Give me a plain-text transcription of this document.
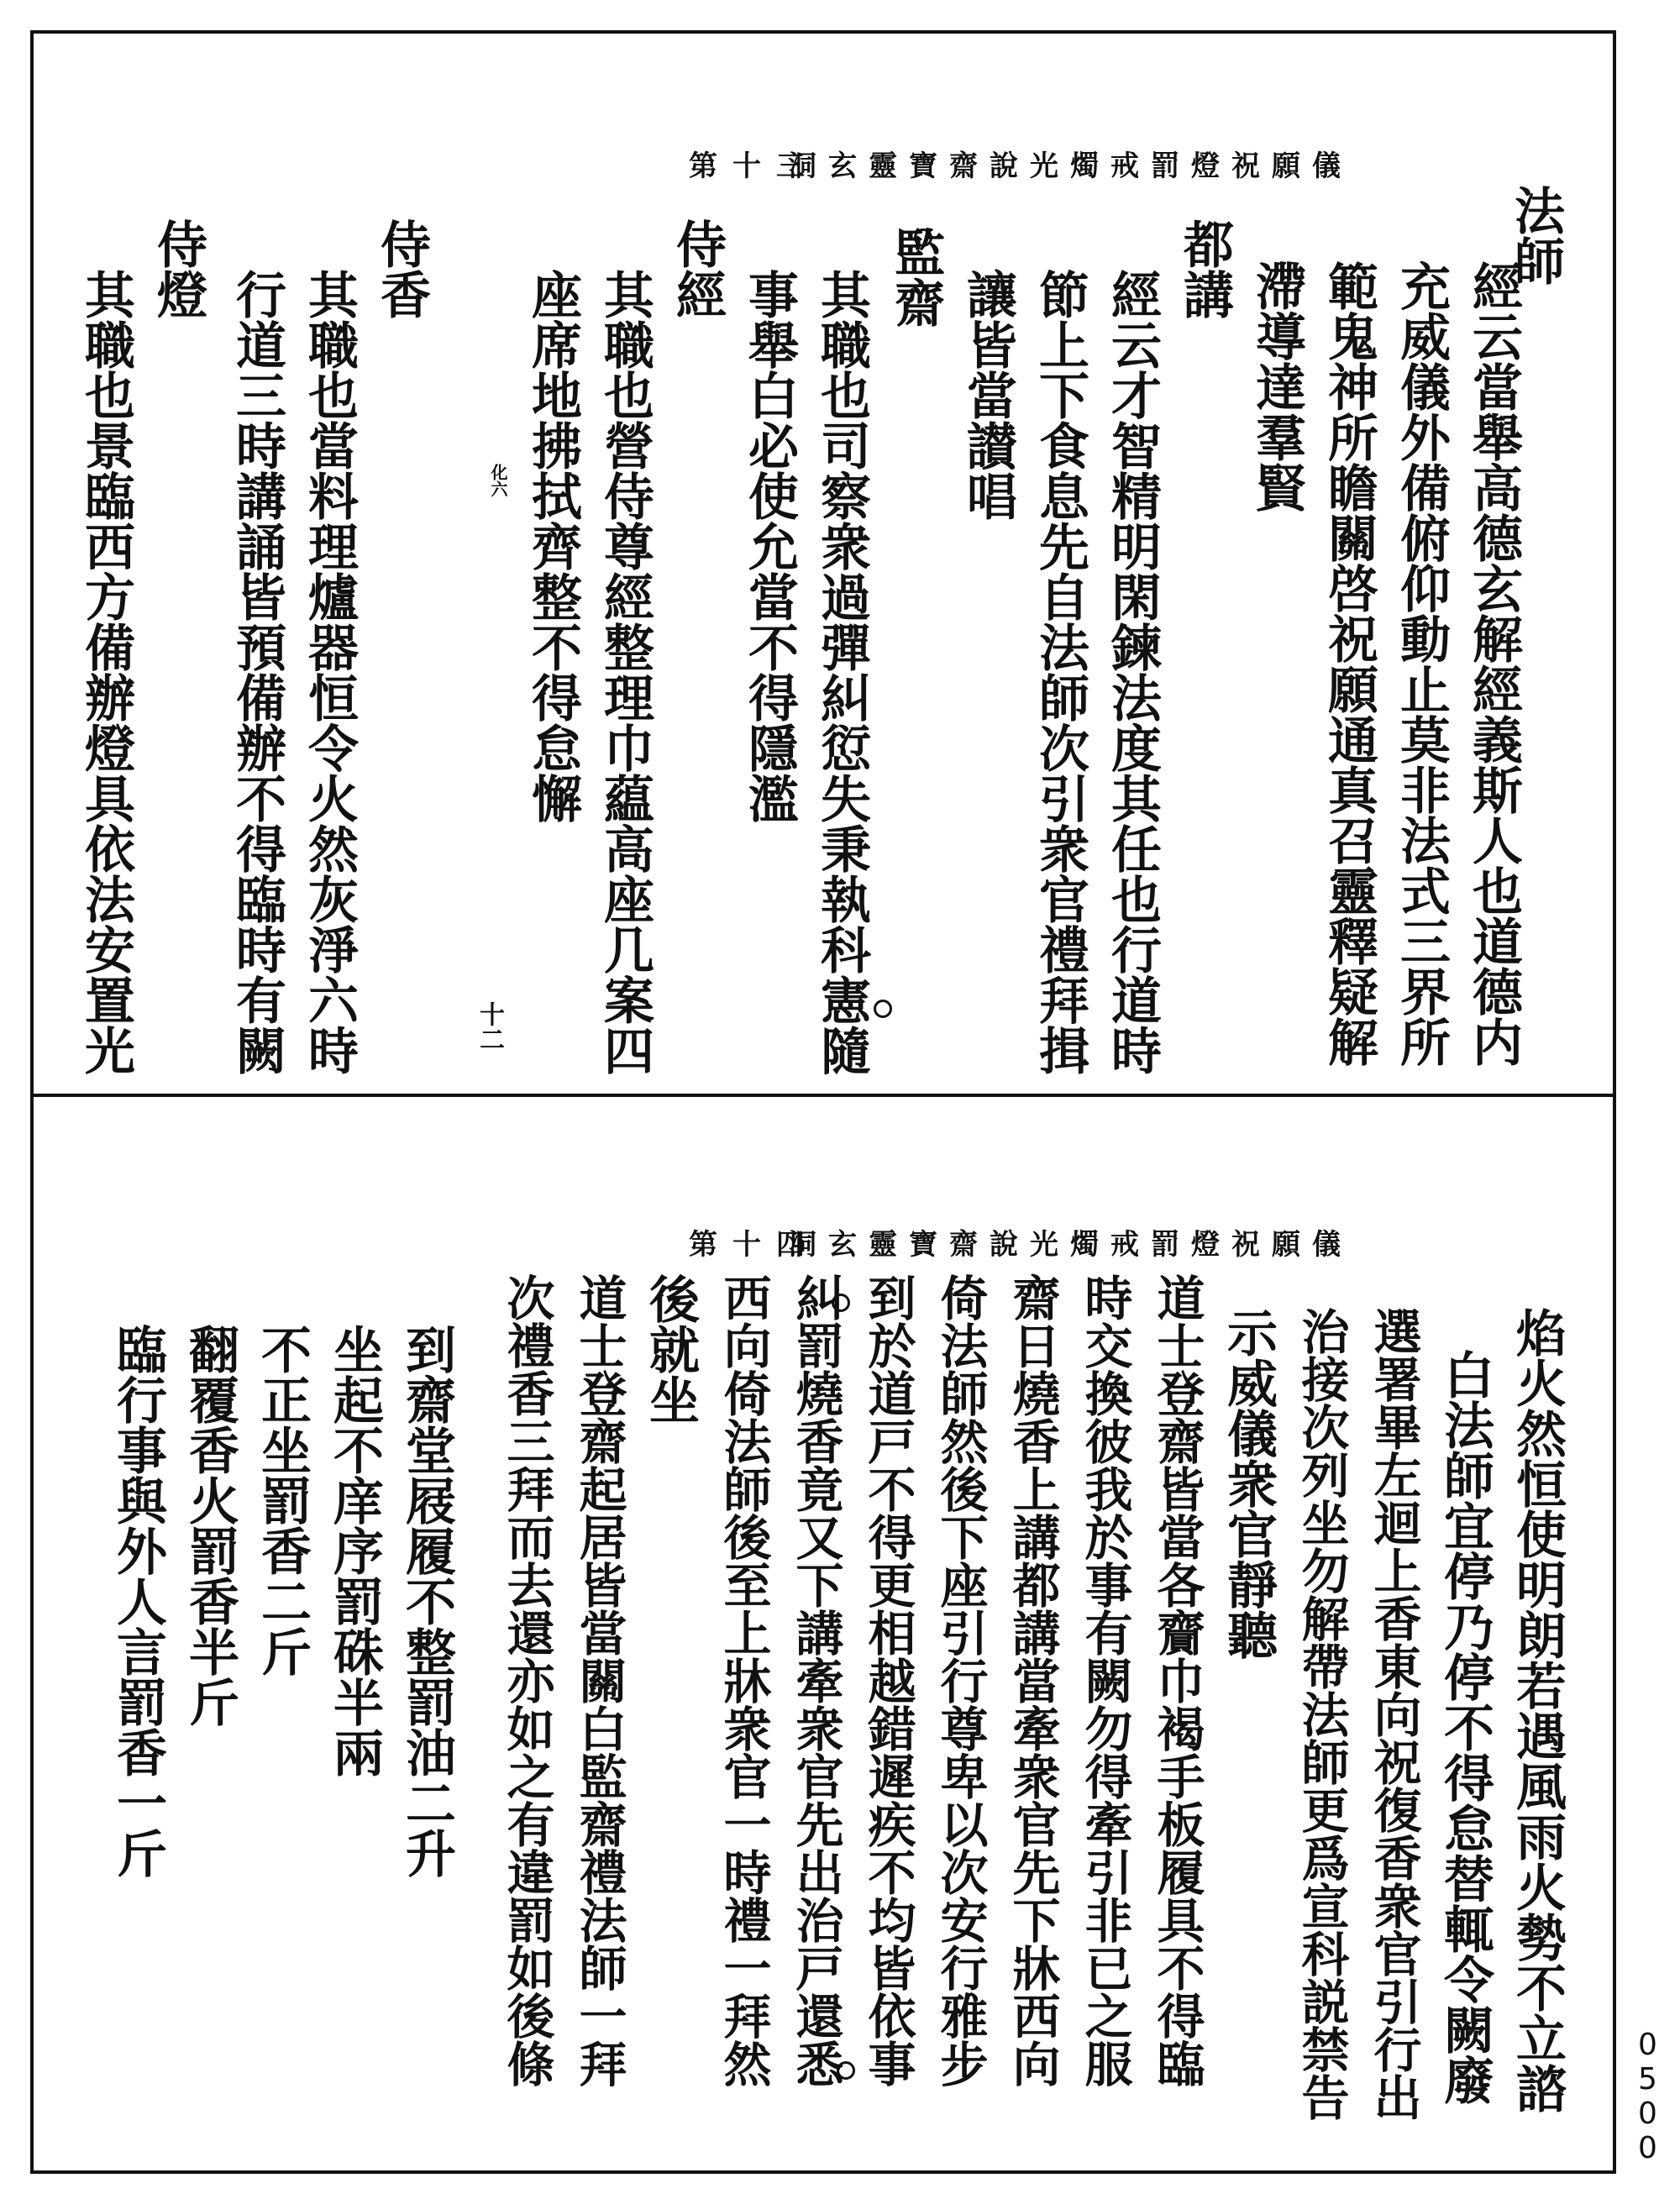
洞玄靈寶齋說光燭戒罰燈祝願儀
第十三
法師
經云當舉高德玄解經義斯人也道德内
充威儀外備俯仰動止莫非法式三界所
範鬼神所瞻關啓祝願通真召靈釋疑解
滯導達羣賢
都講
經云才智精明閑鍊法度其任也行道時
節上下食息先自法師次引衆官禮拜揖
讓皆當讃唱
監齋
其職也司察衆過彈糾愆失秉執科憲隨
事舉白必使允當不得隱濫
侍經
其職也營侍尊經整理巾藴高座几案四
座席地拂拭齊整不得怠懈
化六
十二
侍香
其職也當料理爐器恒令火然灰淨六時
行道三時講誦皆預備辦不得臨時有闕
侍燈
其職也景臨西方備辦燈具依法安置光
洞玄靈寶齋說光燭戒罰燈祝願儀
第十四
焰火然恒使明朗若遇風雨火勢不立諮
白法師宜停乃停不得怠替輒令闕廢
選署畢左迴上香東向祝復香衆官引行出
治接次列坐勿解帶法師更爲宣科説禁告
示威儀衆官靜聽
道士登齋皆當各齎巾褐手板履具不得臨
時交換彼我於事有闕勿得牽引非已之服
齋日燒香上講都講當牽衆官先下牀西向
倚法師然後下座引行尊卑以次安行雅步
到於道戸不得更相越錯遲疾不均皆依事
糾罰燒香竟又下講牽衆官先出治戸還悉
西向倚法師後至上牀衆官一時禮一拜然
後就坐
道士登齋起居皆當關白監齋禮法師一拜
次禮香三拜而去還亦如之有違罰如後條
到齋堂屐履不整罰油二升
坐起不庠序罰硃半兩
不正坐罰香二斤
翻覆香火罰香半斤
臨行事與外人言罰香一斤
0500
